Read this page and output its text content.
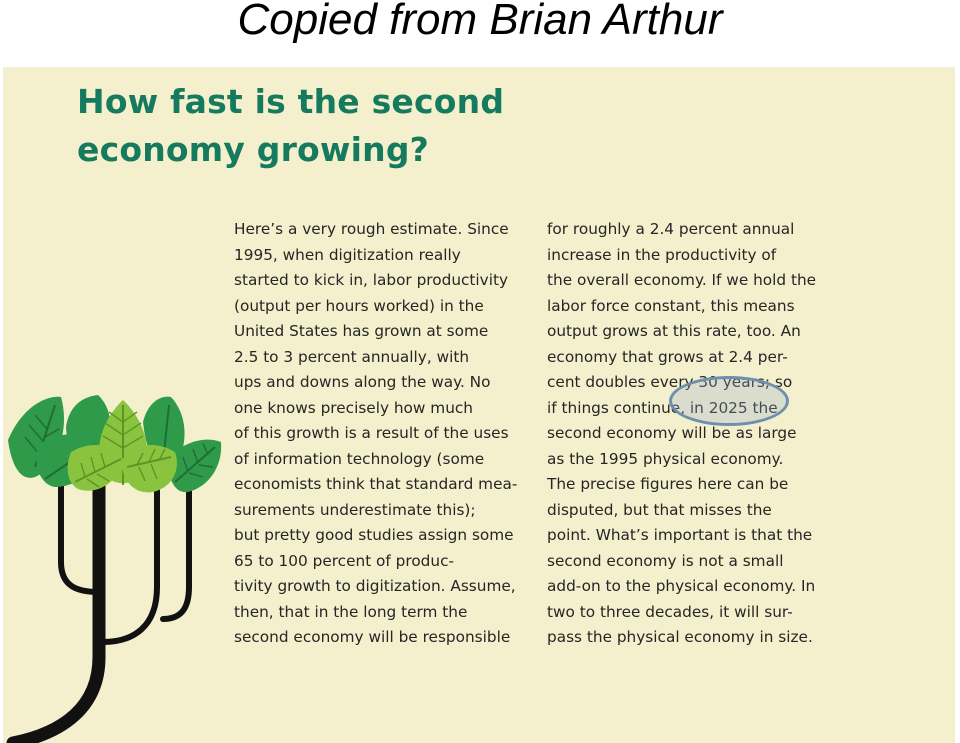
Copied from Brian Arthur
How fast is the second
economy growing?
Here’s a very rough estimate. Since
1995, when digitization really
started to kick in, labor productivity
(output per hours worked) in the
United States has grown at some
2.5 to 3 percent annually, with
ups and downs along the way. No
one knows precisely how much
of this growth is a result of the uses
of information technology (some
economists think that standard mea-
surements underestimate this);
but pretty good studies assign some
65 to 100 percent of produc-
tivity growth to digitization. Assume,
then, that in the long term the
second economy will be responsible
for roughly a 2.4 percent annual
increase in the productivity of
the overall economy. If we hold the
labor force constant, this means
output grows at this rate, too. An
economy that grows at 2.4 per-
cent doubles every 30 years; so
if things continue, in 2025 the
second economy will be as large
as the 1995 physical economy.
The precise figures here can be
disputed, but that misses the
point. What’s important is that the
second economy is not a small
add-on to the physical economy. In
two to three decades, it will sur-
pass the physical economy in size.
